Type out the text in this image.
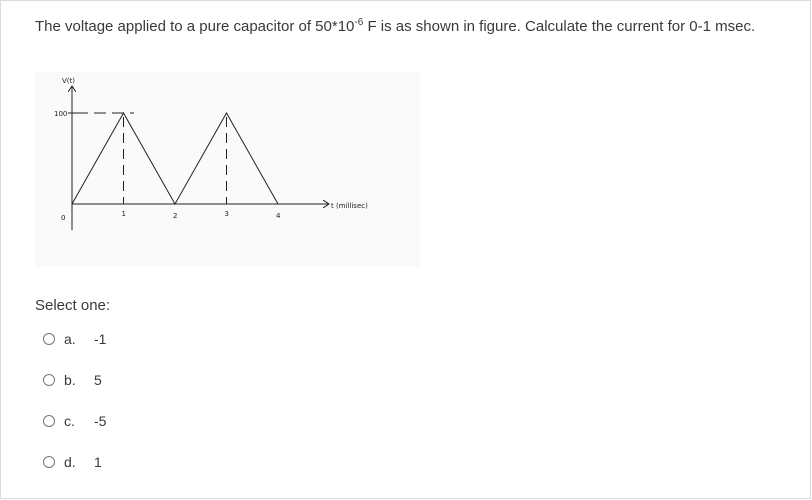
The voltage applied to a pure capacitor of $50*10^{-6}$ F is as shown in figure. Calculate the current for 0-1 msec.
V(t)
100
0
t (millisec)
1	2	3	4
Select one:
a.	-1
b.	5
c.	-5
d.	1
